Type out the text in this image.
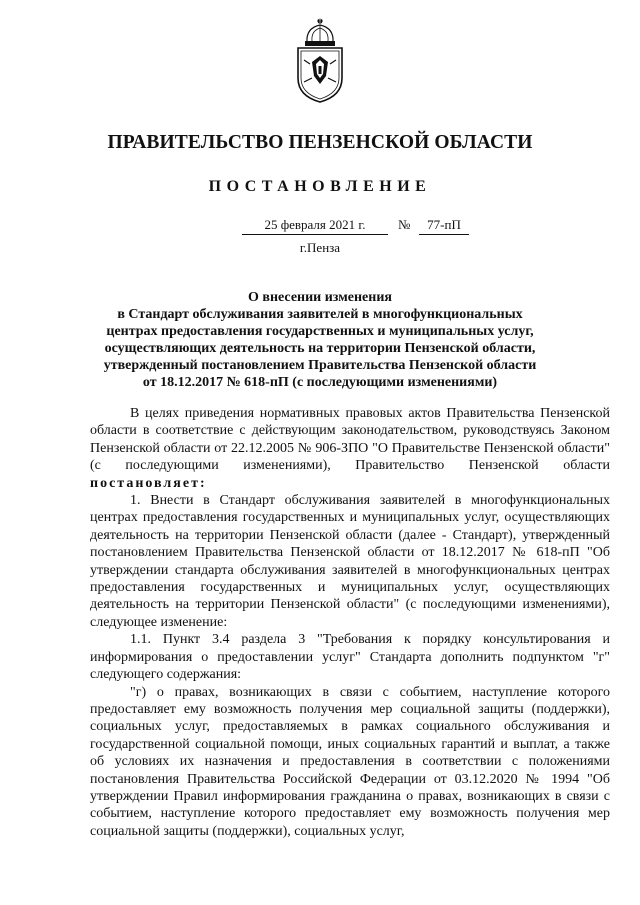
ПРАВИТЕЛЬСТВО ПЕНЗЕНСКОЙ ОБЛАСТИ
ПОСТАНОВЛЕНИЕ
25 февраля 2021 г.	№	77-пП
г.Пенза
О внесении изменения
в Стандарт обслуживания заявителей в многофункциональных
центрах предоставления государственных и муниципальных услуг,
осуществляющих деятельность на территории Пензенской области,
утвержденный постановлением Правительства Пензенской области
от 18.12.2017 № 618-пП (с последующими изменениями)

В целях приведения нормативных правовых актов Правительства Пензенской области в соответствие с действующим законодательством, руководствуясь Законом Пензенской области от 22.12.2005 № 906-ЗПО "О Правительстве Пензенской области" (с последующими изменениями), Правительство Пензенской области постановляет:

1. Внести в Стандарт обслуживания заявителей в многофункциональных центрах предоставления государственных и муниципальных услуг, осуществляющих деятельность на территории Пензенской области (далее - Стандарт), утвержденный постановлением Правительства Пензенской области от 18.12.2017 № 618-пП "Об утверждении стандарта обслуживания заявителей в многофункциональных центрах предоставления государственных и муниципальных услуг, осуществляющих деятельность на территории Пензенской области" (с последующими изменениями), следующее изменение:

1.1. Пункт 3.4 раздела 3 "Требования к порядку консультирования и информирования о предоставлении услуг" Стандарта дополнить подпунктом "г" следующего содержания:

"г) о правах, возникающих в связи с событием, наступление которого предоставляет ему возможность получения мер социальной защиты (поддержки), социальных услуг, предоставляемых в рамках социального обслуживания и государственной социальной помощи, иных социальных гарантий и выплат, а также об условиях их назначения и предоставления в соответствии с положениями постановления Правительства Российской Федерации от 03.12.2020 № 1994 "Об утверждении Правил информирования гражданина о правах, возникающих в связи с событием, наступление которого предоставляет ему возможность получения мер социальной защиты (поддержки), социальных услуг,
